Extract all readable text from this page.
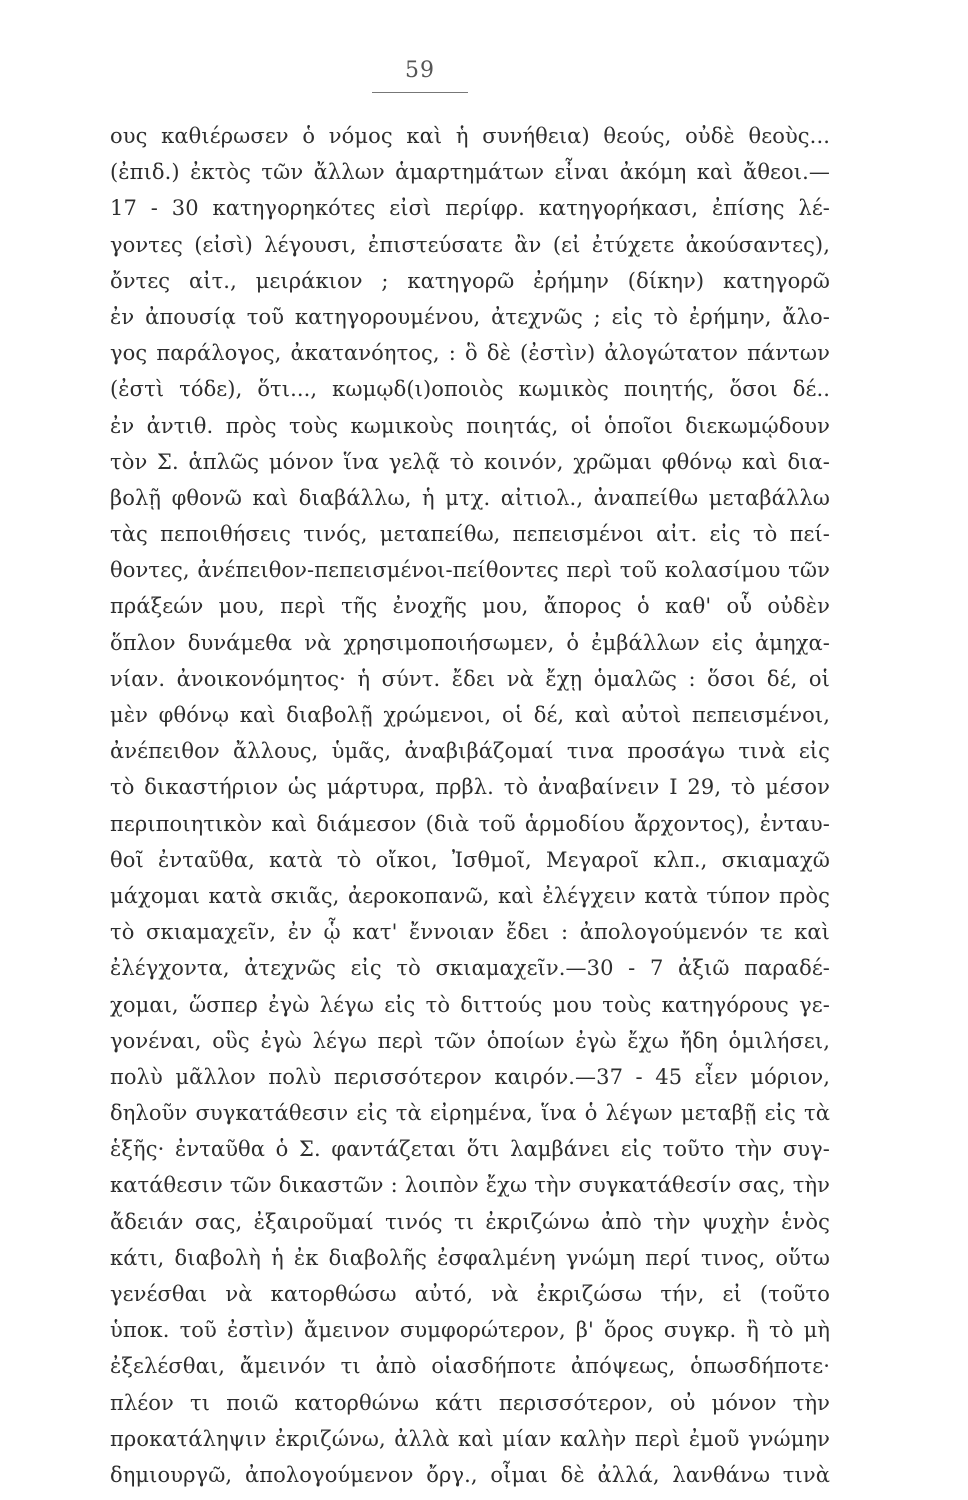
59
ους καθιέρωσεν ὁ νόμος καὶ ἡ συνήθεια) θεούς, οὐδὲ θεοὺς...
(ἐπιδ.) ἐκτὸς τῶν ἄλλων ἁμαρτημάτων εἶναι ἀκόμη καὶ ἄθεοι.—
17 - 30 κατηγορηκότες εἰσὶ περίφρ. κατηγορήκασι, ἐπίσης λέ-
γοντες (εἰσὶ) λέγουσι, ἐπιστεύσατε ἂν (εἰ ἐτύχετε ἀκούσαντες),
ὄντες αἰτ., μειράκιον ; κατηγορῶ ἐρήμην (δίκην) κατηγορῶ
ἐν ἀπουσίᾳ τοῦ κατηγορουμένου, ἀτεχνῶς ; εἰς τὸ ἐρήμην, ἄλο-
γος παράλογος, ἀκατανόητος, : ὃ δὲ (ἐστὶν) ἀλογώτατον πάντων
(ἐστὶ τόδε), ὅτι..., κωμῳδ(ι)οποιὸς κωμικὸς ποιητής, ὅσοι δέ..
ἐν ἀντιθ. πρὸς τοὺς κωμικοὺς ποιητάς, οἱ ὁποῖοι διεκωμῴδουν
τὸν Σ. ἁπλῶς μόνον ἵνα γελᾷ τὸ κοινόν, χρῶμαι φθόνῳ καὶ δια-
βολῇ φθονῶ καὶ διαβάλλω, ἡ μτχ. αἰτιολ., ἀναπείθω μεταβάλλω
τὰς πεποιθήσεις τινός, μεταπείθω, πεπεισμένοι αἰτ. εἰς τὸ πεί-
θοντες, ἀνέπειθον-πεπεισμένοι-πείθοντες περὶ τοῦ κολασίμου τῶν
πράξεών μου, περὶ τῆς ἐνοχῆς μου, ἄπορος ὁ καθ' οὗ οὐδὲν
ὅπλον δυνάμεθα νὰ χρησιμοποιήσωμεν, ὁ ἐμβάλλων εἰς ἀμηχα-
νίαν. ἀνοικονόμητος· ἡ σύντ. ἔδει νὰ ἔχῃ ὁμαλῶς : ὅσοι δέ, οἱ
μὲν φθόνῳ καὶ διαβολῇ χρώμενοι, οἱ δέ, καὶ αὐτοὶ πεπεισμένοι,
ἀνέπειθον ἄλλους, ὑμᾶς, ἀναβιβάζομαί τινα προσάγω τινὰ εἰς
τὸ δικαστήριον ὡς μάρτυρα, πρβλ. τὸ ἀναβαίνειν I 29, τὸ μέσον
περιποιητικὸν καὶ διάμεσον (διὰ τοῦ ἁρμοδίου ἄρχοντος), ἐνταυ-
θοῖ ἐνταῦθα, κατὰ τὸ οἴκοι, Ἰσθμοῖ, Μεγαροῖ κλπ., σκιαμαχῶ
μάχομαι κατὰ σκιᾶς, ἀεροκοπανῶ, καὶ ἐλέγχειν κατὰ τύπον πρὸς
τὸ σκιαμαχεῖν, ἐν ᾧ κατ' ἔννοιαν ἔδει : ἀπολογούμενόν τε καὶ
ἐλέγχοντα, ἀτεχνῶς εἰς τὸ σκιαμαχεῖν.—30 - 7 ἀξιῶ παραδέ-
χομαι, ὥσπερ ἐγὼ λέγω εἰς τὸ διττούς μου τοὺς κατηγόρους γε-
γονέναι, οὓς ἐγὼ λέγω περὶ τῶν ὁποίων ἐγὼ ἔχω ἤδη ὁμιλήσει,
πολὺ μᾶλλον πολὺ περισσότερον καιρόν.—37 - 45 εἶεν μόριον,
δηλοῦν συγκατάθεσιν εἰς τὰ εἰρημένα, ἵνα ὁ λέγων μεταβῇ εἰς τὰ
ἑξῆς· ἐνταῦθα ὁ Σ. φαντάζεται ὅτι λαμβάνει εἰς τοῦτο τὴν συγ-
κατάθεσιν τῶν δικαστῶν : λοιπὸν ἔχω τὴν συγκατάθεσίν σας, τὴν
ἄδειάν σας, ἐξαιροῦμαί τινός τι ἐκριζώνω ἀπὸ τὴν ψυχὴν ἑνὸς
κάτι, διαβολὴ ἡ ἐκ διαβολῆς ἐσφαλμένη γνώμη περί τινος, οὕτω
γενέσθαι νὰ κατορθώσω αὐτό, νὰ ἐκριζώσω τήν, εἰ (τοῦτο
ὑποκ. τοῦ ἐστὶν) ἄμεινον συμφορώτερον, β' ὅρος συγκρ. ἢ τὸ μὴ
ἐξελέσθαι, ἄμεινόν τι ἀπὸ οἱασδήποτε ἀπόψεως, ὁπωσδήποτε·
πλέον τι ποιῶ κατορθώνω κάτι περισσότερον, οὐ μόνον τὴν
προκατάληψιν ἐκριζώνω, ἀλλὰ καὶ μίαν καλὴν περὶ ἐμοῦ γνώμην
δημιουργῶ, ἀπολογούμενον ὄργ., οἶμαι δὲ ἀλλά, λανθάνω τινὰ
